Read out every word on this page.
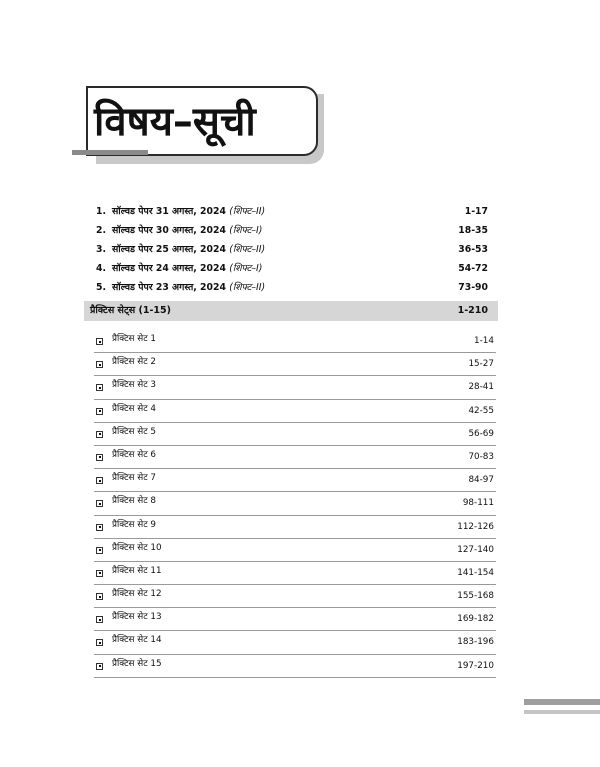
विषय–सूची
1. सॉल्वड पेपर 31 अगस्त, 2024 (शिफ्ट–II)	1-17
2. सॉल्वड पेपर 30 अगस्त, 2024 (शिफ्ट–I)	18-35
3. सॉल्वड पेपर 25 अगस्त, 2024 (शिफ्ट–II)	36-53
4. सॉल्वड पेपर 24 अगस्त, 2024 (शिफ्ट–I)	54-72
5. सॉल्वड पेपर 23 अगस्त, 2024 (शिफ्ट–II)	73-90
प्रैक्टिस सेट्स (1-15)	1-210
प्रैक्टिस सेट 1	1-14
प्रैक्टिस सेट 2	15-27
प्रैक्टिस सेट 3	28-41
प्रैक्टिस सेट 4	42-55
प्रैक्टिस सेट 5	56-69
प्रैक्टिस सेट 6	70-83
प्रैक्टिस सेट 7	84-97
प्रैक्टिस सेट 8	98-111
प्रैक्टिस सेट 9	112-126
प्रैक्टिस सेट 10	127-140
प्रैक्टिस सेट 11	141-154
प्रैक्टिस सेट 12	155-168
प्रैक्टिस सेट 13	169-182
प्रैक्टिस सेट 14	183-196
प्रैक्टिस सेट 15	197-210
